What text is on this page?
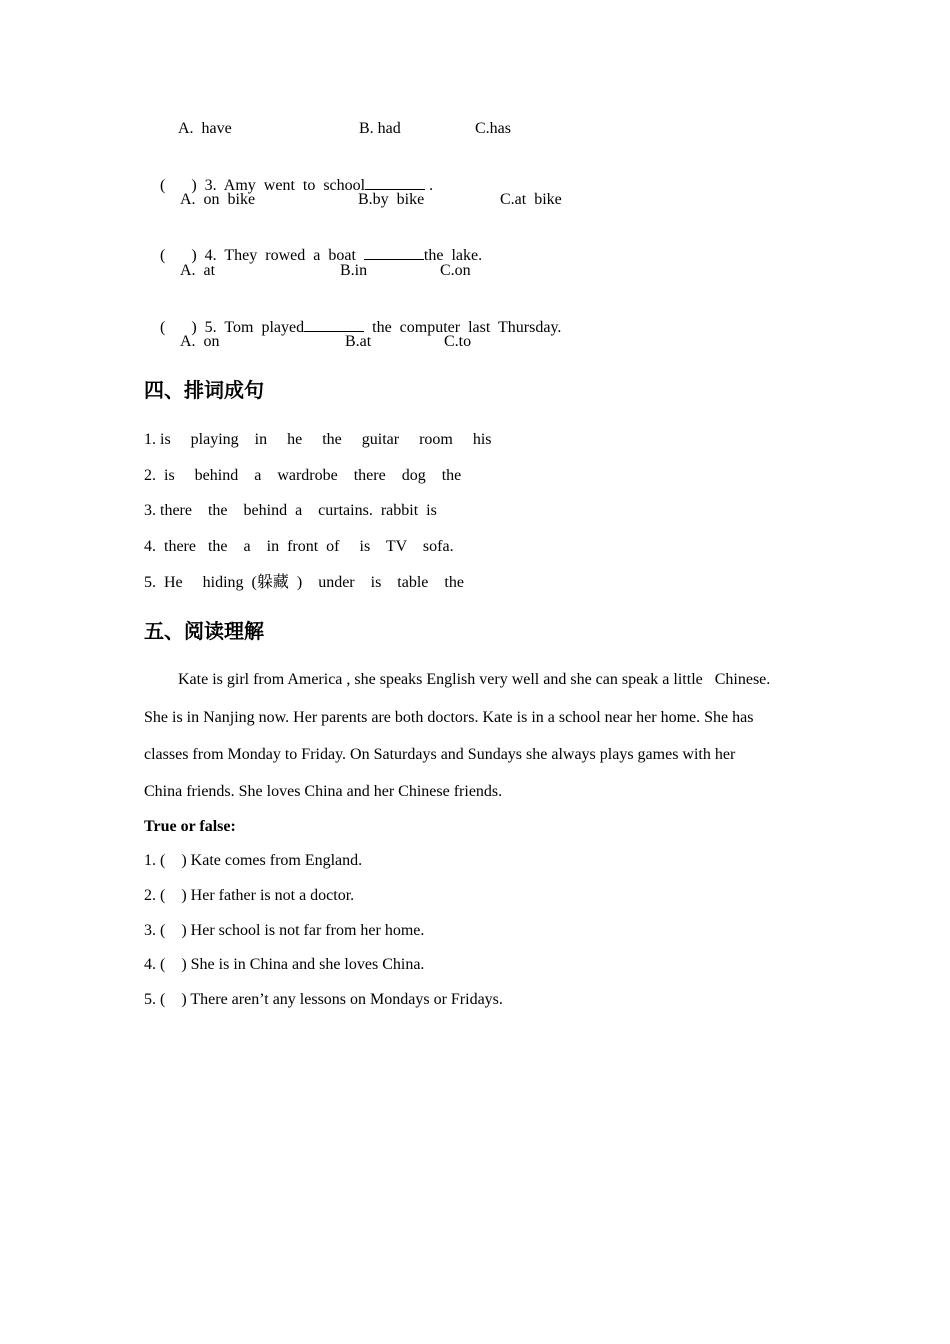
A.  have	B. had	C.has

( ) 3. Amy  went  to  school	.

A.  on  bike	B.by  bike	C.at  bike

( ) 4. They  rowed  a  boat	the  lake.

A.  at	B.in	C.on

( ) 5. Tom  played	the  computer  last  Thursday.

A.  on	B.at	C.to
四、排词成句
1. is     playing    in     he     the     guitar     room     his
2.  is     behind    a    wardrobe    there    dog    the
3. there    the    behind  a    curtains.  rabbit  is
4.  there   the    a    in  front  of     is    TV    sofa.
5.  He     hiding  (躲藏  )    under    is    table    the
五、阅读理解
Kate is girl from America , she speaks English very well and she can speak a little   Chinese.
She is in Nanjing now. Her parents are both doctors. Kate is in a school near her home. She has
classes from Monday to Friday. On Saturdays and Sundays she always plays games with her
China friends. She loves China and her Chinese friends.
True or false:
1. (    ) Kate comes from England.
2. (    ) Her father is not a doctor.
3. (    ) Her school is not far from her home.
4. (    ) She is in China and she loves China.
5. (    ) There aren’t any lessons on Mondays or Fridays.
